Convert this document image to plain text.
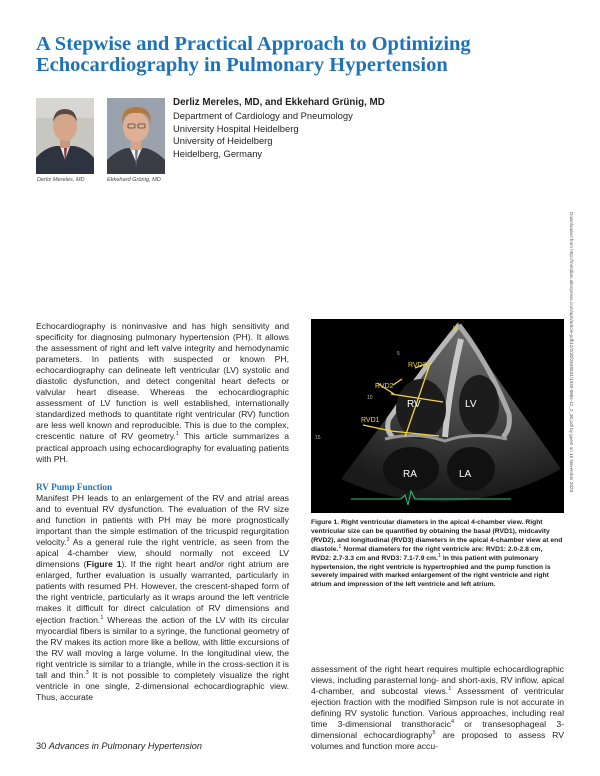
A Stepwise and Practical Approach to Optimizing
Echocardiography in Pulmonary Hypertension
Derliz Mereles, MD	Ekkehard Grünig, MD
Derliz Mereles, MD, and Ekkehard Grünig, MD
Department of Cardiology and Pneumology
University Hospital Heidelberg
University of Heidelberg
Heidelberg, Germany
Downloaded from http://meridian.allenpress.com/aph/article-pdf/12/2/30/2548631/1933-088x-12_2_30.pdf by guest on 15 November 2023

Echocardiography is noninvasive and has high sensitivity and specificity for diagnosing pulmonary hypertension (PH). It allows the assessment of right and left valve integrity and hemodynamic parameters. In patients with suspected or known PH, echocardiography can delineate left ventricular (LV) systolic and diastolic dysfunction, and detect congenital heart defects or valvular heart disease. Whereas the echocardiographic assessment of LV function is well established, internationally standardized methods to quantitate right ventricular (RV) function are less well known and reproducible. This is due to the complex, crescentic nature of RV geometry.$^1$ This article summarizes a practical approach using echocardiography for evaluating patients with PH.

RV Pump Function

Manifest PH leads to an enlargement of the RV and atrial areas and to eventual RV dysfunction. The evaluation of the RV size and function in patients with PH may be more prognostically important than the simple estimation of the tricuspid regurgitation velocity.$^2$ As a general rule the right ventricle, as seen from the apical 4-chamber view, should normally not exceed LV dimensions (Figure 1). If the right heart and/or right atrium are enlarged, further evaluation is usually warranted, particularly in patients with resumed PH. However, the crescent-shaped form of the right ventricle, particularly as it wraps around the left ventricle makes it difficult for direct calculation of RV dimensions and ejection fraction.$^1$ Whereas the action of the LV with its circular myocardial fibers is similar to a syringe, the functional geometry of the RV makes its action more like a bellow, with little excursions of the RV wall moving a large volume. In the longitudinal view, the right ventricle is similar to a triangle, while in the cross-section it is tall and thin.$^3$ It is not possible to completely visualize the right ventricle in one single, 2-dimensional echocardiographic view. Thus, accurate

RVD3
RVD2
RVD1
V
RV	LV
RA	LA
5
10
15
Figure 1. Right ventricular diameters in the apical 4-chamber view. Right ventricular size can be quantified by obtaining the basal (RVD1), midcavity (RVD2), and longitudinal (RVD3) diameters in the apical 4-chamber view at end diastole.$^1$ Normal diameters for the right ventricle are: RVD1: 2.0-2.8 cm, RVD2: 2.7-3.3 cm and RVD3: 7.1-7.9 cm.$^1$ In this patient with pulmonary hypertension, the right ventricle is hypertrophied and the pump function is severely impaired with marked enlargement of the right ventricle and right atrium and impression of the left ventricle and left atrium.

assessment of the right heart requires multiple echocardiographic views, including parasternal long- and short-axis, RV inflow, apical 4-chamber, and subcostal views.$^1$ Assessment of ventricular ejection fraction with the modified Simpson rule is not accurate in defining RV systolic function. Various approaches, including real time 3-dimensional transthoracic$^4$ or transesophageal 3-dimensional echocardiography$^5$ are proposed to assess RV volumes and function more accu-

30 Advances in Pulmonary Hypertension
